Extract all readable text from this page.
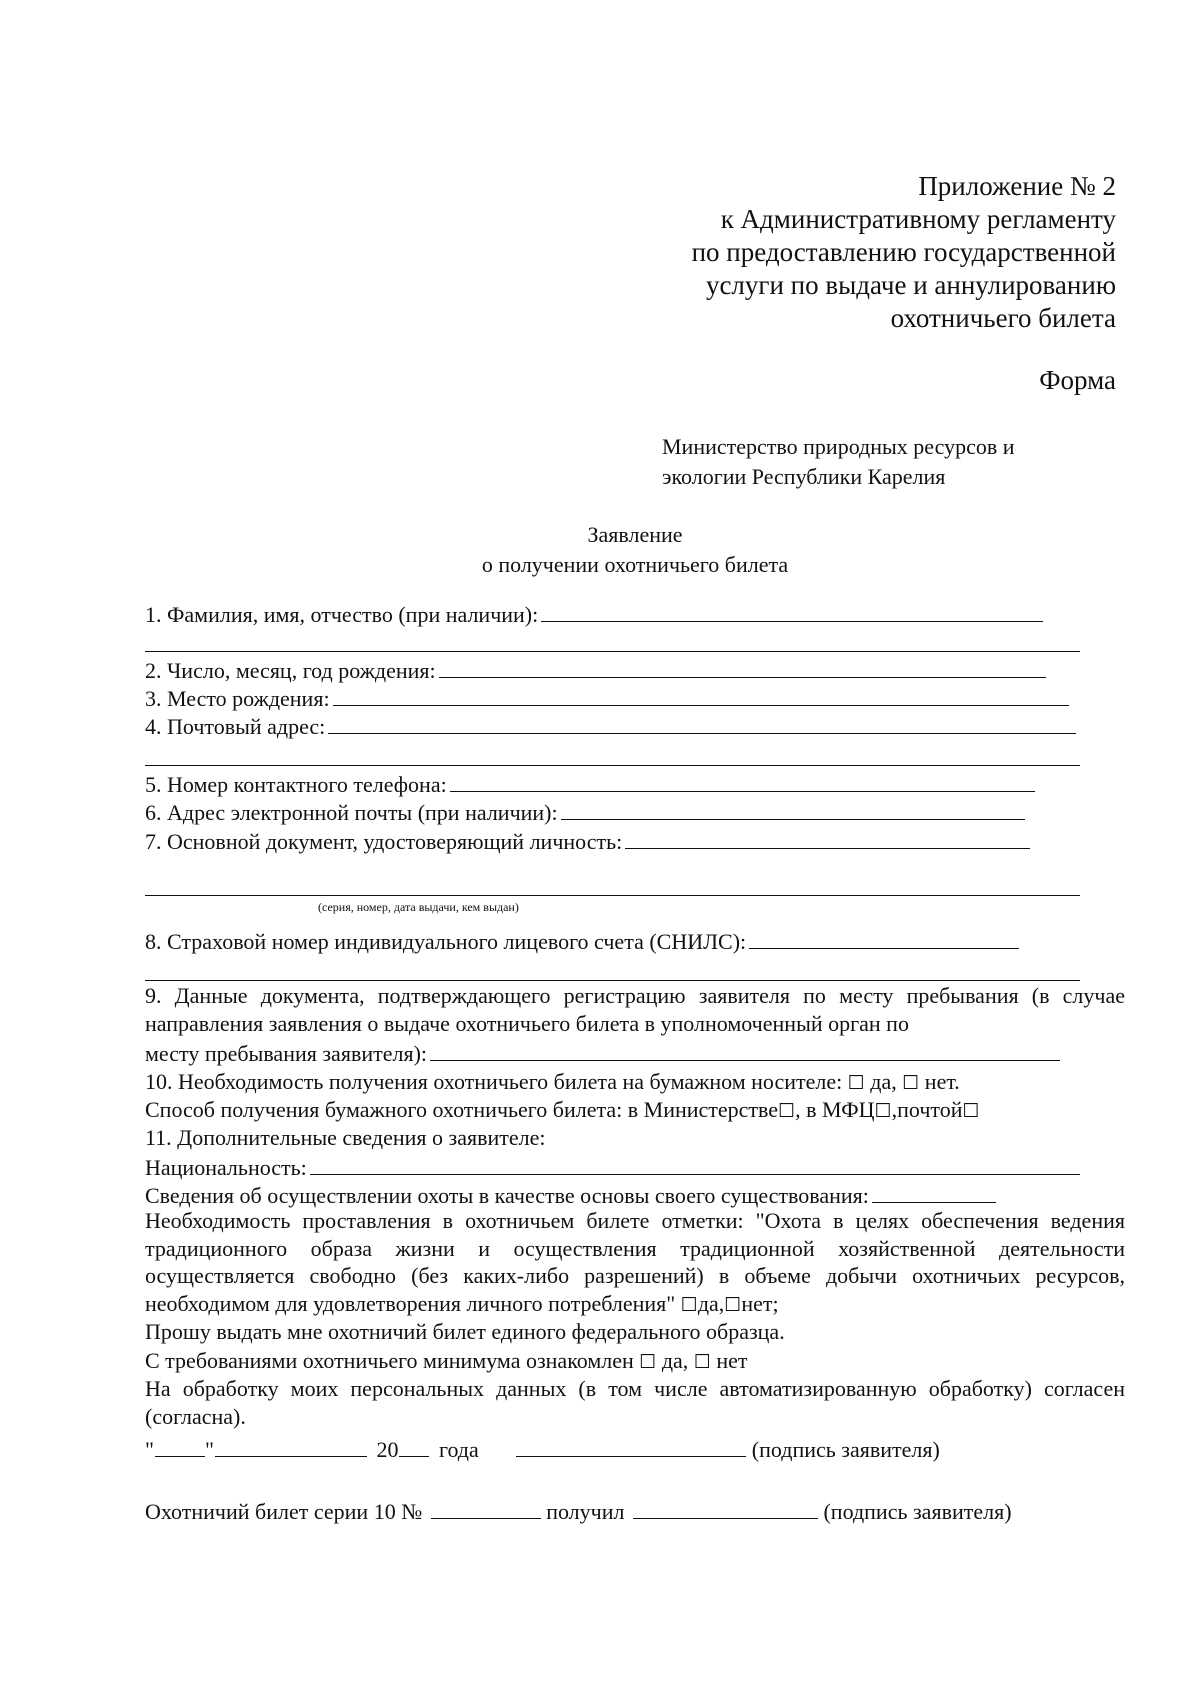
Приложение № 2
к Административному регламенту
по предоставлению государственной
услуги по выдаче и аннулированию
охотничьего билета
Форма
Министерство природных ресурсов и
экологии Республики Карелия
Заявление
о получении охотничьего билета
1. Фамилия, имя, отчество (при наличии):
2. Число, месяц, год рождения:
3. Место рождения:
4. Почтовый адрес:
5. Номер контактного телефона:
6. Адрес электронной почты (при наличии):
7. Основной документ, удостоверяющий личность:
(серия, номер, дата выдачи, кем выдан)
8. Страховой номер индивидуального лицевого счета (СНИЛС):
9. Данные документа, подтверждающего регистрацию заявителя по месту пребывания (в случае направления заявления о выдаче охотничьего билета в уполномоченный орган по
месту пребывания заявителя):
10. Необходимость получения охотничьего билета на бумажном носителе: ☐ да, ☐ нет.
Способ получения бумажного охотничьего билета: в Министерстве☐, в МФЦ☐,почтой☐
11. Дополнительные сведения о заявителе:
Национальность:
Сведения об осуществлении охоты в качестве основы своего существования:
Необходимость проставления в охотничьем билете отметки: "Охота в целях обеспечения ведения традиционного образа жизни и осуществления традиционной хозяйственной деятельности осуществляется свободно (без каких-либо разрешений) в объеме добычи охотничьих ресурсов, необходимом для удовлетворения личного потребления" ☐да,☐нет;
Прошу выдать мне охотничий билет единого федерального образца.
С требованиями охотничьего минимума ознакомлен ☐ да, ☐ нет
На обработку моих персональных данных (в том числе автоматизированную обработку) согласен (согласна).
" "	20 года	(подпись заявителя)
Охотничий билет серии 10 №	получил	(подпись заявителя)
